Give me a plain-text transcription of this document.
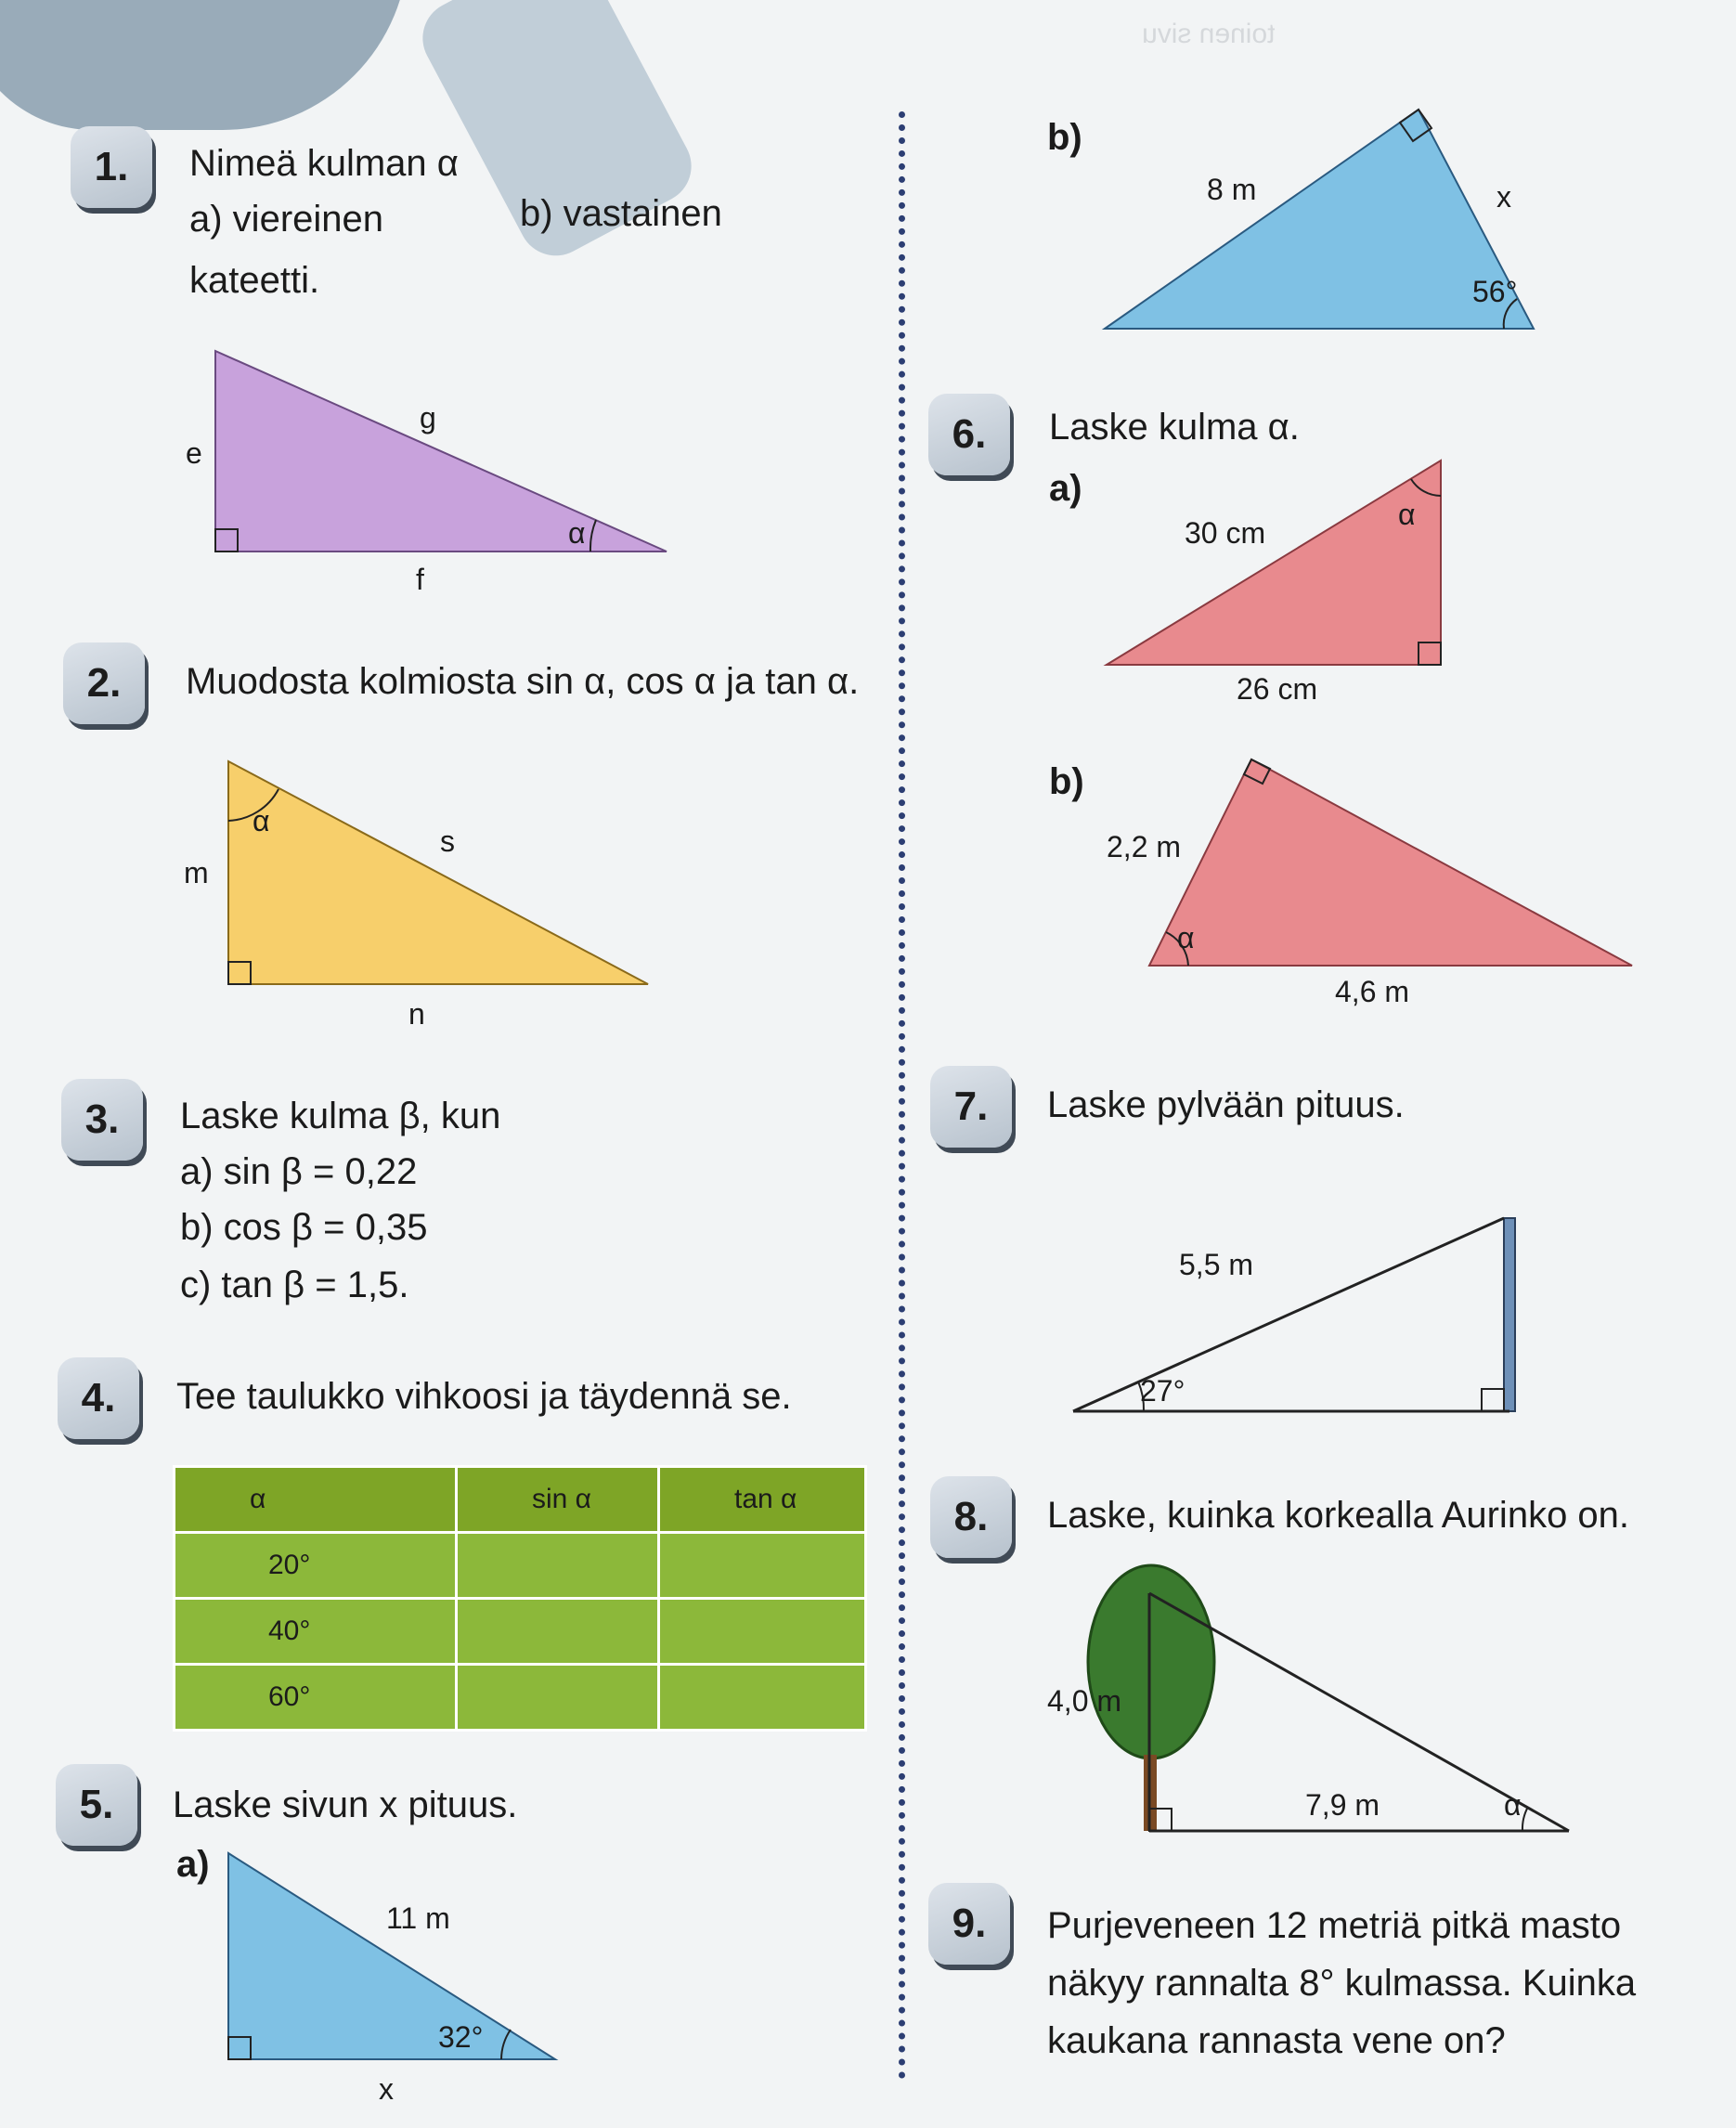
toinen sivu
1.	Nimeä kulman α
a) viereinen	b) vastainen
kateetti.
g
e
f
α
2.	Muodosta kolmiosta sin α, cos α ja tan α.
α
s
m
n
3.	Laske kulma β, kun
a) sin β = 0,22
b) cos β = 0,35
c) tan β = 1,5.
4.	Tee taulukko vihkoosi ja täydennä se.
α	sin α	tan α
20°		
40°		
60°		
5.	Laske sivun x pituus.
a)
11 m
32°
x
b)
8 m	x
56°
6.	Laske kulma α.
a)
30 cm
26 cm
α
b)
2,2 m
4,6 m
α
7.	Laske pylvään pituus.
5,5 m
27°
8.	Laske, kuinka korkealla Aurinko on.
4,0 m
7,9 m	α
9.	Purjeveneen 12 metriä pitkä masto
näkyy rannalta 8° kulmassa. Kuinka
kaukana rannasta vene on?
